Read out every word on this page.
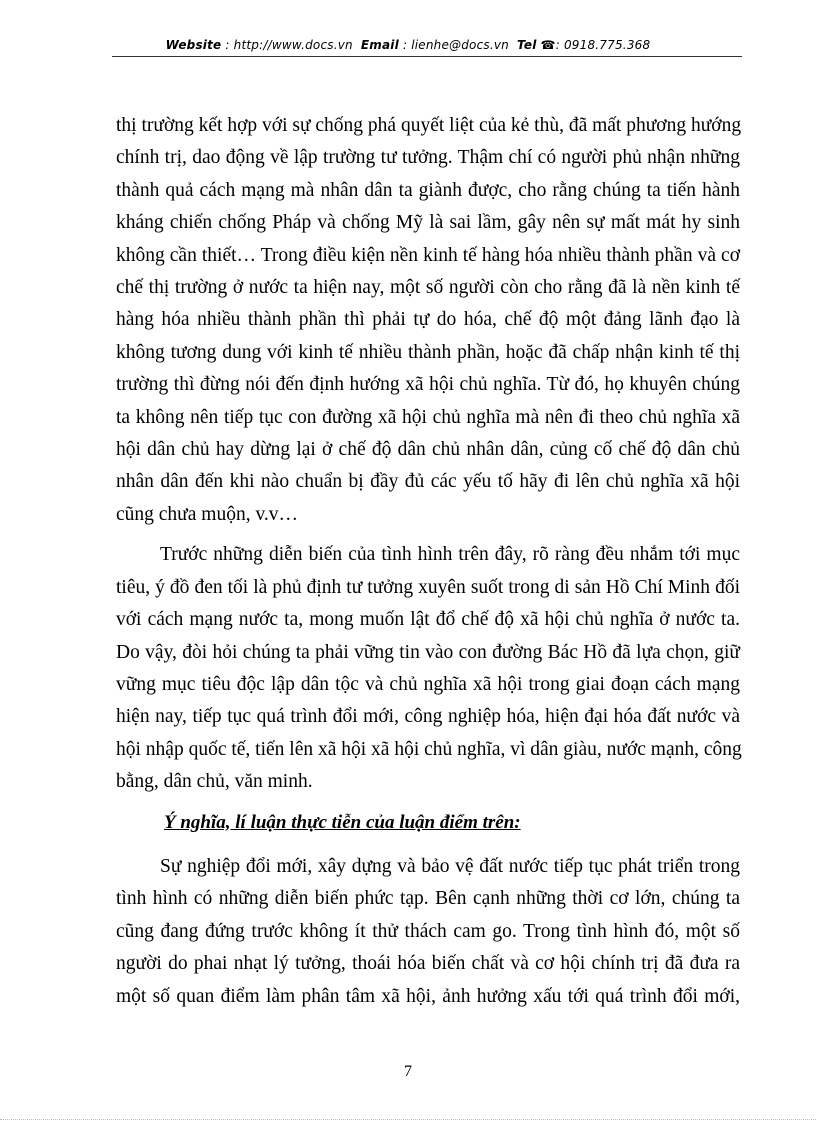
Website : http://www.docs.vn Email : lienhe@docs.vn Tel ☎: 0918.775.368
thị trường kết hợp với sự chống phá quyết liệt của kẻ thù, đã mất phương hướng
chính trị, dao động về lập trường tư tưởng. Thậm chí có người phủ nhận những
thành quả cách mạng mà nhân dân ta giành được, cho rằng chúng ta tiến hành
kháng chiến chống Pháp và chống Mỹ là sai lầm, gây nên sự mất mát hy sinh
không cần thiết… Trong điều kiện nền kinh tế hàng hóa nhiều thành phần và cơ
chế thị trường ở nước ta hiện nay, một số người còn cho rằng đã là nền kinh tế
hàng hóa nhiều thành phần thì phải tự do hóa, chế độ một đảng lãnh đạo là
không tương dung với kinh tế nhiều thành phần, hoặc đã chấp nhận kinh tế thị
trường thì đừng nói đến định hướng xã hội chủ nghĩa. Từ đó, họ khuyên chúng
ta không nên tiếp tục con đường xã hội chủ nghĩa mà nên đi theo chủ nghĩa xã
hội dân chủ hay dừng lại ở chế độ dân chủ nhân dân, củng cố chế độ dân chủ
nhân dân đến khi nào chuẩn bị đầy đủ các yếu tố hãy đi lên chủ nghĩa xã hội
cũng chưa muộn, v.v…
Trước những diễn biến của tình hình trên đây, rõ ràng đều nhắm tới mục
tiêu, ý đồ đen tối là phủ định tư tưởng xuyên suốt trong di sản Hồ Chí Minh đối
với cách mạng nước ta, mong muốn lật đổ chế độ xã hội chủ nghĩa ở nước ta.
Do vậy, đòi hỏi chúng ta phải vững tin vào con đường Bác Hồ đã lựa chọn, giữ
vững mục tiêu độc lập dân tộc và chủ nghĩa xã hội trong giai đoạn cách mạng
hiện nay, tiếp tục quá trình đổi mới, công nghiệp hóa, hiện đại hóa đất nước và
hội nhập quốc tế, tiến lên xã hội xã hội chủ nghĩa, vì dân giàu, nước mạnh, công
bằng, dân chủ, văn minh.
Ý nghĩa, lí luận thực tiễn của luận điểm trên:
Sự nghiệp đổi mới, xây dựng và bảo vệ đất nước tiếp tục phát triển trong
tình hình có những diễn biến phức tạp. Bên cạnh những thời cơ lớn, chúng ta
cũng đang đứng trước không ít thử thách cam go. Trong tình hình đó, một số
người do phai nhạt lý tưởng, thoái hóa biến chất và cơ hội chính trị đã đưa ra
một số quan điểm làm phân tâm xã hội, ảnh hưởng xấu tới quá trình đổi mới,
7
